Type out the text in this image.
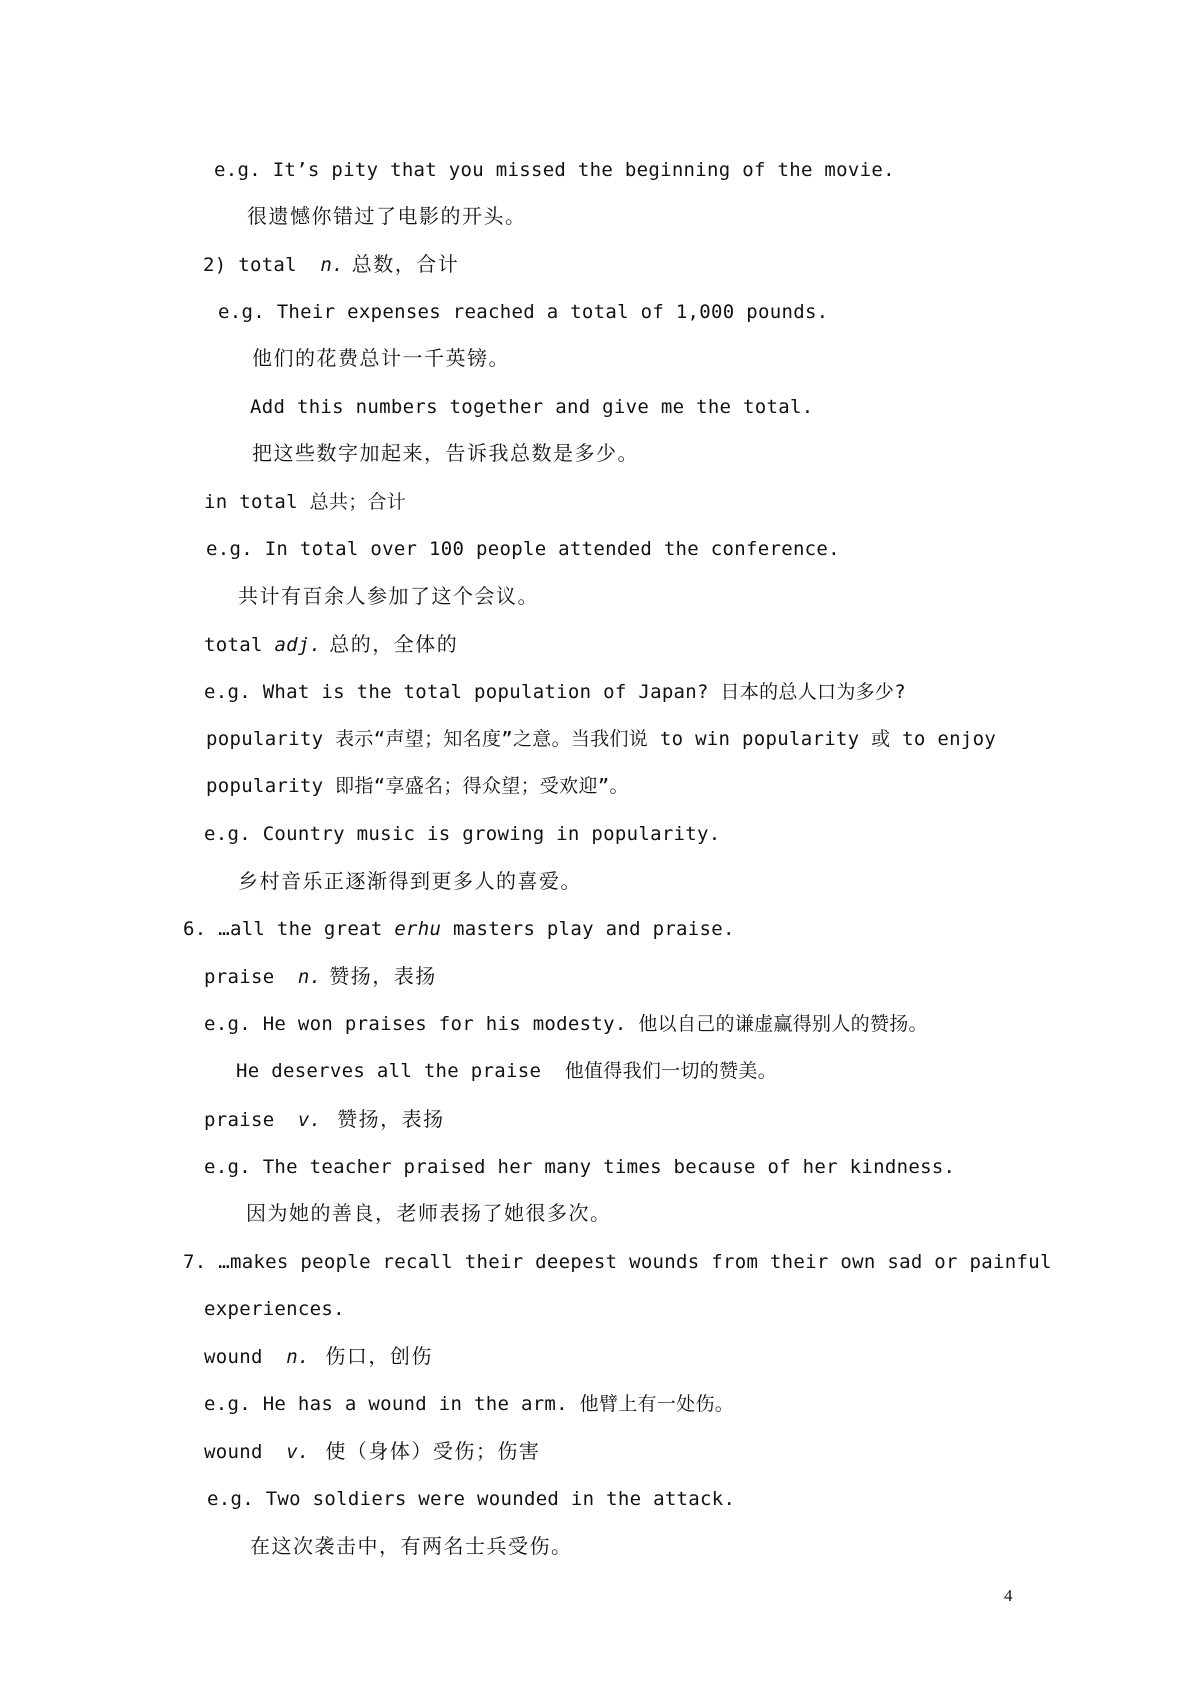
e.g. It’s pity that you missed the beginning of the movie.
很遗憾你错过了电影的开头。
2) total  n. 总数，合计
e.g. Their expenses reached a total of 1,000 pounds.
他们的花费总计一千英镑。
Add this numbers together and give me the total.
把这些数字加起来，告诉我总数是多少。
in total 总共；合计
e.g. In total over 100 people attended the conference.
共计有百余人参加了这个会议。
total adj. 总的，全体的
e.g. What is the total population of Japan? 日本的总人口为多少?
popularity 表示“声望；知名度”之意。当我们说 to win popularity 或 to enjoy
popularity 即指“享盛名；得众望；受欢迎”。
e.g. Country music is growing in popularity.
乡村音乐正逐渐得到更多人的喜爱。
6. …all the great erhu masters play and praise.
praise  n. 赞扬，表扬
e.g. He won praises for his modesty. 他以自己的谦虚赢得别人的赞扬。
He deserves all the praise  他值得我们一切的赞美。
praise  v.  赞扬，表扬
e.g. The teacher praised her many times because of her kindness.
因为她的善良，老师表扬了她很多次。
7. …makes people recall their deepest wounds from their own sad or painful
experiences.
wound  n.  伤口，创伤
e.g. He has a wound in the arm. 他臂上有一处伤。
wound  v.  使（身体）受伤；伤害
e.g. Two soldiers were wounded in the attack.
在这次袭击中，有两名士兵受伤。
4
